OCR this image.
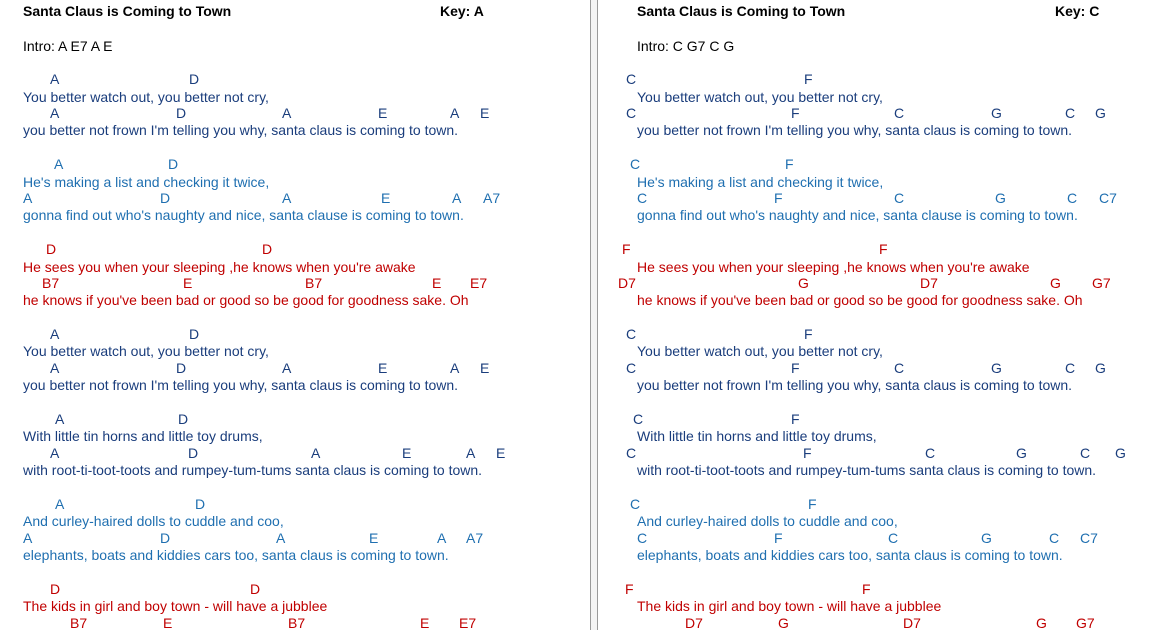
Santa Claus is Coming to Town	Key: A
Intro: A E7 A E
A	D
You better watch out, you better not cry,
A	D	A	E	A E
you better not frown I'm telling you why, santa claus is coming to town.
A	D
He's making a list and checking it twice,
A	D	A	E	A A7
gonna find out who's naughty and nice, santa clause is coming to town.
D	D
He sees you when your sleeping ,he knows when you're awake
B7	E	B7	E E7
he knows if you've been bad or good so be good for goodness sake. Oh
A	D
You better watch out, you better not cry,
A	D	A	E	A E
you better not frown I'm telling you why, santa claus is coming to town.
A	D
With little tin horns and little toy drums,
A	D	A	E	A E
with root-ti-toot-toots and rumpey-tum-tums santa claus is coming to town.
A	D
And curley-haired dolls to cuddle and coo,
A	D	A	E	A A7
elephants, boats and kiddies cars too, santa claus is coming to town.
D	D
The kids in girl and boy town - will have a jubblee
B7	E	B7	E E7
Santa Claus is Coming to Town	Key: C
Intro: C G7 C G
C	F
You better watch out, you better not cry,
C	F	C	G	C G
you better not frown I'm telling you why, santa claus is coming to town.
C	F
He's making a list and checking it twice,
C	F	C	G	C C7
gonna find out who's naughty and nice, santa clause is coming to town.
F	F
He sees you when your sleeping ,he knows when you're awake
D7	G	D7	G G7
he knows if you've been bad or good so be good for goodness sake. Oh
C	F
You better watch out, you better not cry,
C	F	C	G	C G
you better not frown I'm telling you why, santa claus is coming to town.
C	F
With little tin horns and little toy drums,
C	F	C	G	C G
with root-ti-toot-toots and rumpey-tum-tums santa claus is coming to town.
C	F
And curley-haired dolls to cuddle and coo,
C	F	C	G	C C7
elephants, boats and kiddies cars too, santa claus is coming to town.
F	F
The kids in girl and boy town - will have a jubblee
D7	G	D7	G G7
